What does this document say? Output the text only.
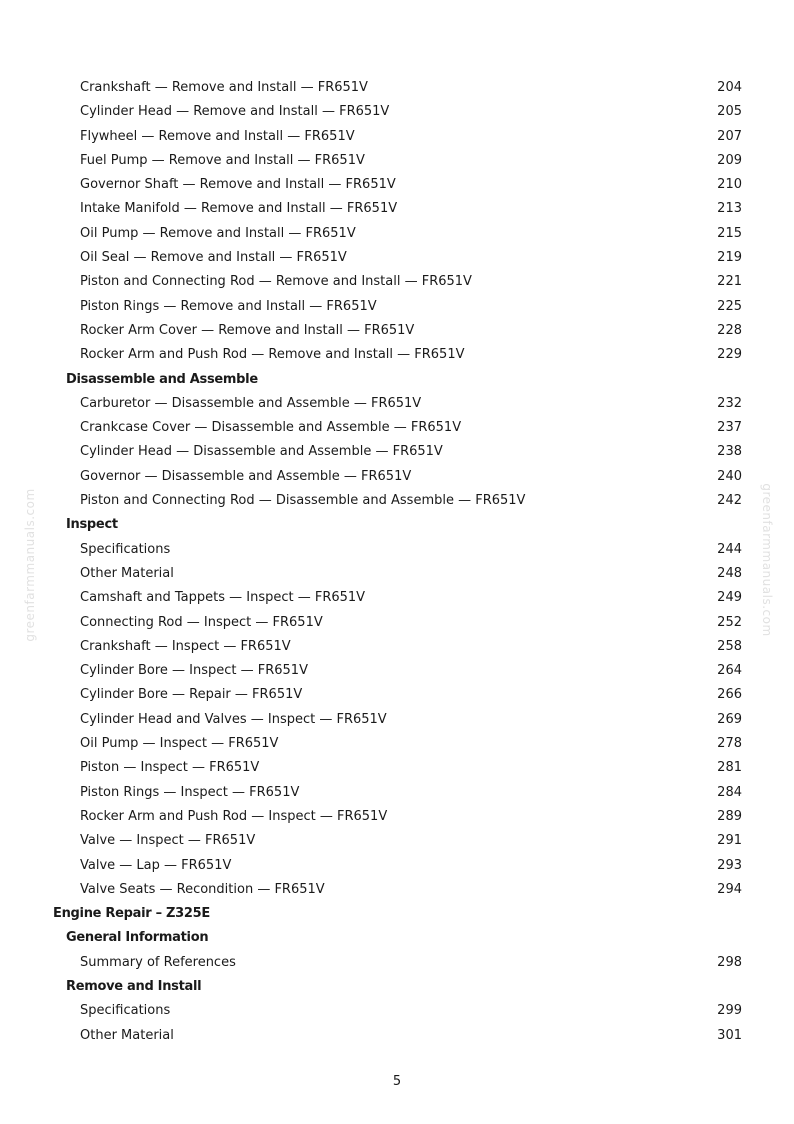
Crankshaft — Remove and Install — FR651V	204
Cylinder Head — Remove and Install — FR651V	205
Flywheel — Remove and Install — FR651V	207
Fuel Pump — Remove and Install — FR651V	209
Governor Shaft — Remove and Install — FR651V	210
Intake Manifold — Remove and Install — FR651V	213
Oil Pump — Remove and Install — FR651V	215
Oil Seal — Remove and Install — FR651V	219
Piston and Connecting Rod — Remove and Install — FR651V	221
Piston Rings — Remove and Install — FR651V	225
Rocker Arm Cover — Remove and Install — FR651V	228
Rocker Arm and Push Rod — Remove and Install — FR651V	229
Disassemble and Assemble
Carburetor — Disassemble and Assemble — FR651V	232
Crankcase Cover — Disassemble and Assemble — FR651V	237
Cylinder Head — Disassemble and Assemble — FR651V	238
Governor — Disassemble and Assemble — FR651V	240
Piston and Connecting Rod — Disassemble and Assemble — FR651V	242
Inspect
Specifications	244
Other Material	248
Camshaft and Tappets — Inspect — FR651V	249
Connecting Rod — Inspect — FR651V	252
Crankshaft — Inspect — FR651V	258
Cylinder Bore — Inspect — FR651V	264
Cylinder Bore — Repair — FR651V	266
Cylinder Head and Valves — Inspect — FR651V	269
Oil Pump — Inspect — FR651V	278
Piston — Inspect — FR651V	281
Piston Rings — Inspect — FR651V	284
Rocker Arm and Push Rod — Inspect — FR651V	289
Valve — Inspect — FR651V	291
Valve — Lap — FR651V	293
Valve Seats — Recondition — FR651V	294
Engine Repair – Z325E
General Information
Summary of References	298
Remove and Install
Specifications	299
Other Material	301
5
greenfarmmanuals.com	greenfarmmanuals.com
